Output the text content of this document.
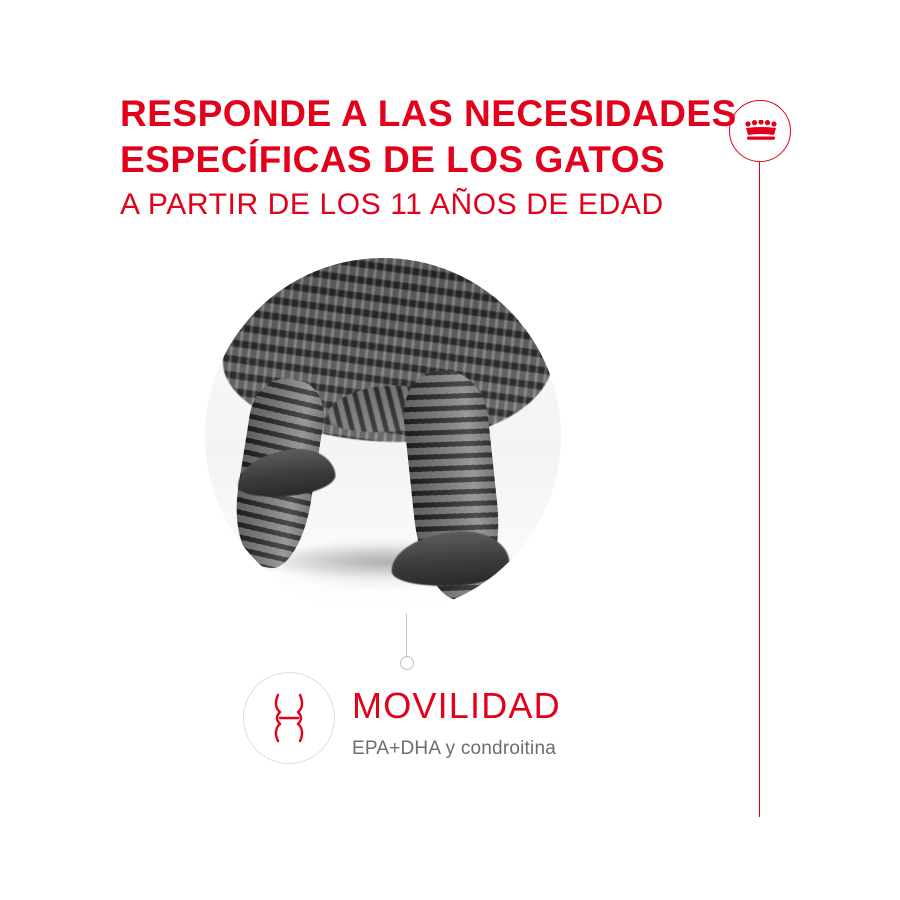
RESPONDE A LAS NECESIDADES
ESPECÍFICAS DE LOS GATOS
A PARTIR DE LOS 11 AÑOS DE EDAD
MOVILIDAD
EPA+DHA y condroitina
